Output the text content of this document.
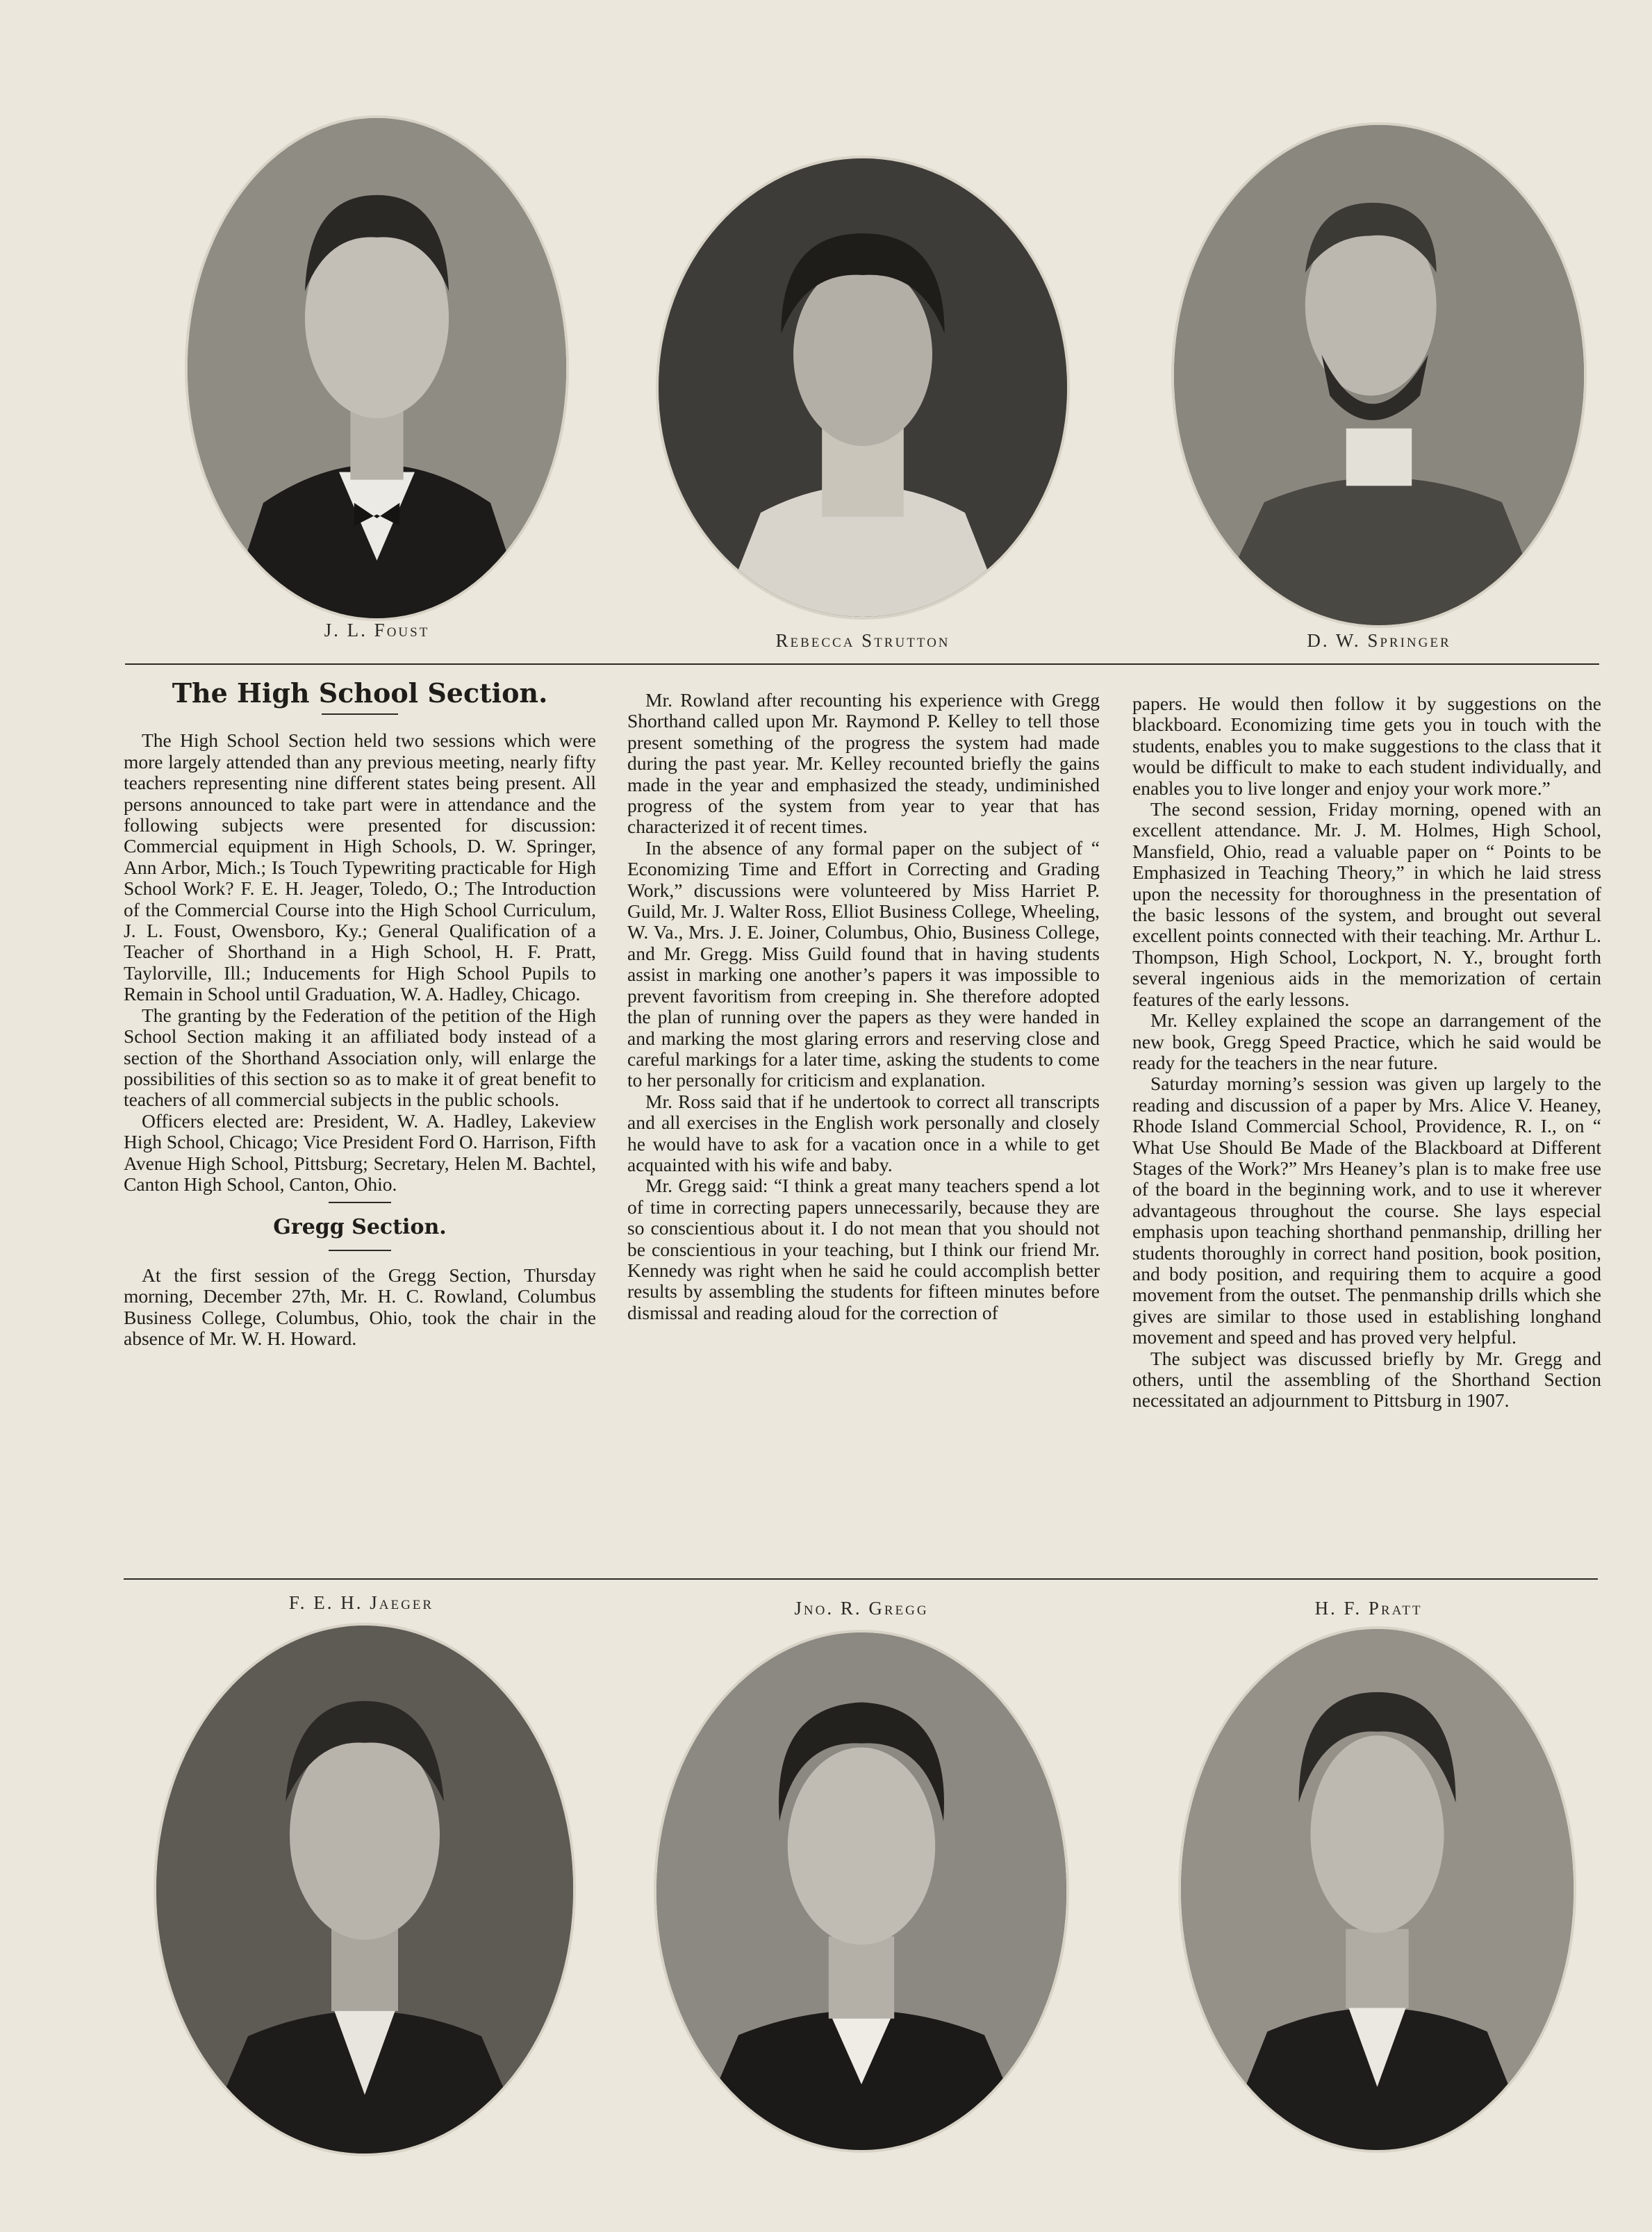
J. L. Foust	Rebecca Strutton	D. W. Springer
The High School Section.

The High School Section held two sessions which were more largely attended than any previous meeting, nearly fifty teachers representing nine different states being present. All persons announced to take part were in attendance and the following subjects were presented for discussion: Commercial equipment in High Schools, D. W. Springer, Ann Arbor, Mich.; Is Touch Typewriting practicable for High School Work? F. E. H. Jeager, Toledo, O.; The Introduction of the Commercial Course into the High School Curriculum, J. L. Foust, Owensboro, Ky.; General Qualification of a Teacher of Shorthand in a High School, H. F. Pratt, Taylorville, Ill.; Inducements for High School Pupils to Remain in School until Graduation, W. A. Hadley, Chicago.

The granting by the Federation of the petition of the High School Section making it an affiliated body instead of a section of the Shorthand Association only, will enlarge the possibilities of this section so as to make it of great benefit to teachers of all commercial subjects in the public schools.

Officers elected are: President, W. A. Hadley, Lakeview High School, Chicago; Vice President Ford O. Harrison, Fifth Avenue High School, Pittsburg; Secretary, Helen M. Bachtel, Canton High School, Canton, Ohio.

Gregg Section.

At the first session of the Gregg Section, Thursday morning, December 27th, Mr. H. C. Rowland, Columbus Business College, Columbus, Ohio, took the chair in the absence of Mr. W. H. Howard.

Mr. Rowland after recounting his experience with Gregg Shorthand called upon Mr. Raymond P. Kelley to tell those present something of the progress the system had made during the past year. Mr. Kelley recounted briefly the gains made in the year and emphasized the steady, undiminished progress of the system from year to year that has characterized it of recent times.

In the absence of any formal paper on the subject of “ Economizing Time and Effort in Correcting and Grading Work,” discussions were volunteered by Miss Harriet P. Guild, Mr. J. Walter Ross, Elliot Business College, Wheeling, W. Va., Mrs. J. E. Joiner, Columbus, Ohio, Business College, and Mr. Gregg. Miss Guild found that in having students assist in marking one another’s papers it was impossible to prevent favoritism from creeping in. She therefore adopted the plan of running over the papers as they were handed in and marking the most glaring errors and reserving close and careful markings for a later time, asking the students to come to her personally for criticism and explanation.

Mr. Ross said that if he undertook to correct all transcripts and all exercises in the English work personally and closely he would have to ask for a vacation once in a while to get acquainted with his wife and baby.

Mr. Gregg said: “I think a great many teachers spend a lot of time in correcting papers unnecessarily, because they are so conscientious about it. I do not mean that you should not be conscientious in your teaching, but I think our friend Mr. Kennedy was right when he said he could accomplish better results by assembling the students for fifteen minutes before dismissal and reading aloud for the correction of

papers. He would then follow it by suggestions on the blackboard. Economizing time gets you in touch with the students, enables you to make suggestions to the class that it would be difficult to make to each student individually, and enables you to live longer and enjoy your work more.”

The second session, Friday morning, opened with an excellent attendance. Mr. J. M. Holmes, High School, Mansfield, Ohio, read a valuable paper on “ Points to be Emphasized in Teaching Theory,” in which he laid stress upon the necessity for thoroughness in the presentation of the basic lessons of the system, and brought out several excellent points connected with their teaching. Mr. Arthur L. Thompson, High School, Lockport, N. Y., brought forth several ingenious aids in the memorization of certain features of the early lessons.

Mr. Kelley explained the scope an darrangement of the new book, Gregg Speed Practice, which he said would be ready for the teachers in the near future.

Saturday morning’s session was given up largely to the reading and discussion of a paper by Mrs. Alice V. Heaney, Rhode Island Commercial School, Providence, R. I., on “ What Use Should Be Made of the Blackboard at Different Stages of the Work?” Mrs Heaney’s plan is to make free use of the board in the beginning work, and to use it wherever advantageous throughout the course. She lays especial emphasis upon teaching shorthand penmanship, drilling her students thoroughly in correct hand position, book position, and body position, and requiring them to acquire a good movement from the outset. The penmanship drills which she gives are similar to those used in establishing longhand movement and speed and has proved very helpful.

The subject was discussed briefly by Mr. Gregg and others, until the assembling of the Shorthand Section necessitated an adjournment to Pittsburg in 1907.

F. E. H. Jaeger	Jno. R. Gregg	H. F. Pratt
